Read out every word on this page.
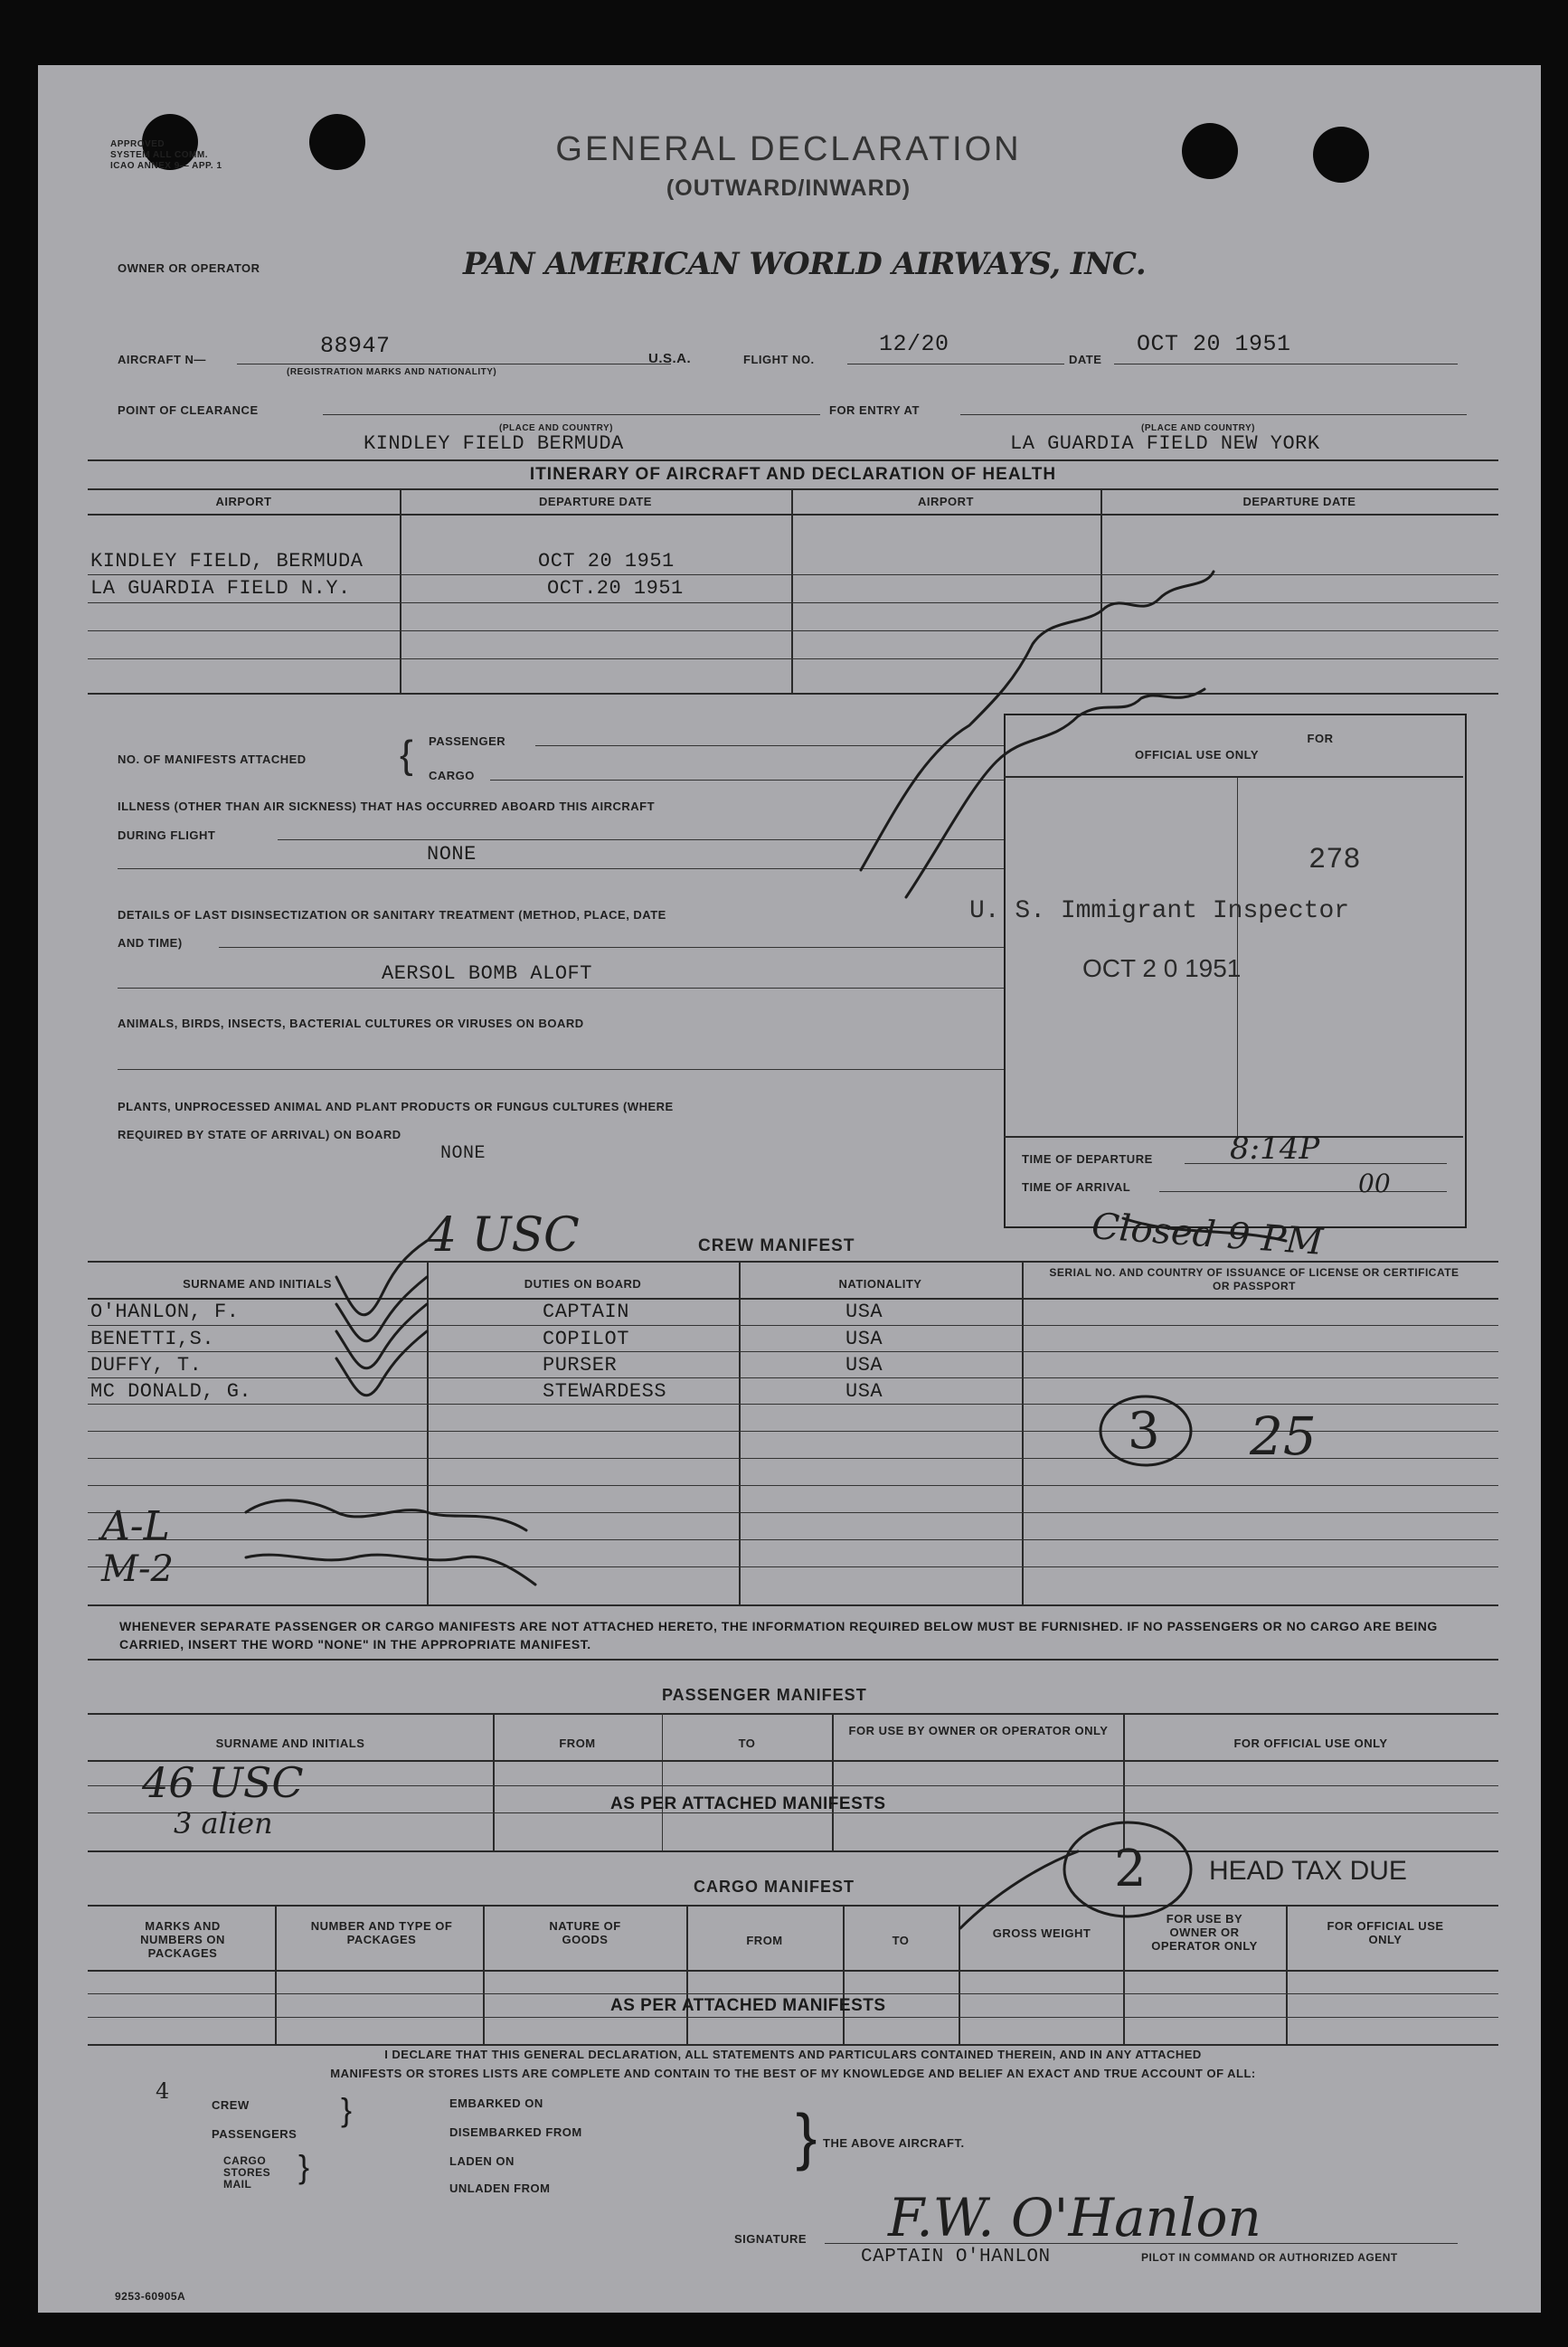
APPROVED
SYSTEM ALL COMM.
ICAO ANNEX 9— APP. 1	GENERAL DECLARATION
(OUTWARD/INWARD)
OWNER OR OPERATOR	PAN AMERICAN WORLD AIRWAYS, INC.
AIRCRAFT N—
88947
(REGISTRATION MARKS AND NATIONALITY)
U.S.A.	FLIGHT NO.
12/20
DATE
OCT 20 1951
POINT OF CLEARANCE
(PLACE AND COUNTRY)
KINDLEY FIELD BERMUDA
FOR ENTRY AT
(PLACE AND COUNTRY)
LA GUARDIA FIELD NEW YORK
ITINERARY OF AIRCRAFT AND DECLARATION OF HEALTH
AIRPORT	DEPARTURE DATE	AIRPORT	DEPARTURE DATE
KINDLEY FIELD, BERMUDA	OCT 20 1951
LA GUARDIA FIELD N.Y.	OCT.20 1951
NO. OF MANIFESTS ATTACHED { PASSENGER
CARGO
ILLNESS (OTHER THAN AIR SICKNESS) THAT HAS OCCURRED ABOARD THIS AIRCRAFT
DURING FLIGHT
NONE
DETAILS OF LAST DISINSECTIZATION OR SANITARY TREATMENT (METHOD, PLACE, DATE
AND TIME)
AERSOL BOMB ALOFT
ANIMALS, BIRDS, INSECTS, BACTERIAL CULTURES OR VIRUSES ON BOARD
PLANTS, UNPROCESSED ANIMAL AND PLANT PRODUCTS OR FUNGUS CULTURES (WHERE
REQUIRED BY STATE OF ARRIVAL) ON BOARD
NONE
FOR
OFFICIAL USE ONLY
278
U. S. Immigrant Inspector
OCT 2 0 1951
TIME OF DEPARTURE	8:14P
TIME OF ARRIVAL	00
Closed 9 PM
4 USC	CREW MANIFEST
SURNAME AND INITIALS	DUTIES ON BOARD	NATIONALITY
SERIAL NO. AND COUNTRY OF ISSUANCE OF LICENSE OR CERTIFICATE OR PASSPORT
O'HANLON, F.	CAPTAIN	USA
BENETTI,S.	COPILOT	USA
DUFFY, T.	PURSER	USA
MC DONALD, G.	STEWARDESS	USA
3 25
A-L
M-2
WHENEVER SEPARATE PASSENGER OR CARGO MANIFESTS ARE NOT ATTACHED HERETO, THE INFORMATION REQUIRED BELOW MUST BE FURNISHED. IF NO PASSENGERS OR NO CARGO ARE BEING CARRIED, INSERT THE WORD "NONE" IN THE APPROPRIATE MANIFEST.
PASSENGER MANIFEST
SURNAME AND INITIALS	FROM	TO
FOR USE BY OWNER OR OPERATOR ONLY
FOR OFFICIAL USE ONLY
AS PER ATTACHED MANIFESTS
46 USC
3 alien
2 HEAD TAX DUE
CARGO MANIFEST
MARKS AND NUMBERS ON PACKAGES
NUMBER AND TYPE OF PACKAGES
NATURE OF GOODS	FROM	TO
GROSS WEIGHT
FOR USE BY OWNER OR OPERATOR ONLY
FOR OFFICIAL USE ONLY
AS PER ATTACHED MANIFESTS
I DECLARE THAT THIS GENERAL DECLARATION, ALL STATEMENTS AND PARTICULARS CONTAINED THEREIN, AND IN ANY ATTACHED
MANIFESTS OR STORES LISTS ARE COMPLETE AND CONTAIN TO THE BEST OF MY KNOWLEDGE AND BELIEF AN EXACT AND TRUE ACCOUNT OF ALL:
4
CREW
PASSENGERS
}
CARGO
STORES
MAIL }
EMBARKED ON
DISEMBARKED FROM
LADEN ON
UNLADEN FROM
} THE ABOVE AIRCRAFT.
SIGNATURE F.W. O'Hanlon
CAPTAIN O'HANLON	PILOT IN COMMAND OR AUTHORIZED AGENT
9253-60905A
